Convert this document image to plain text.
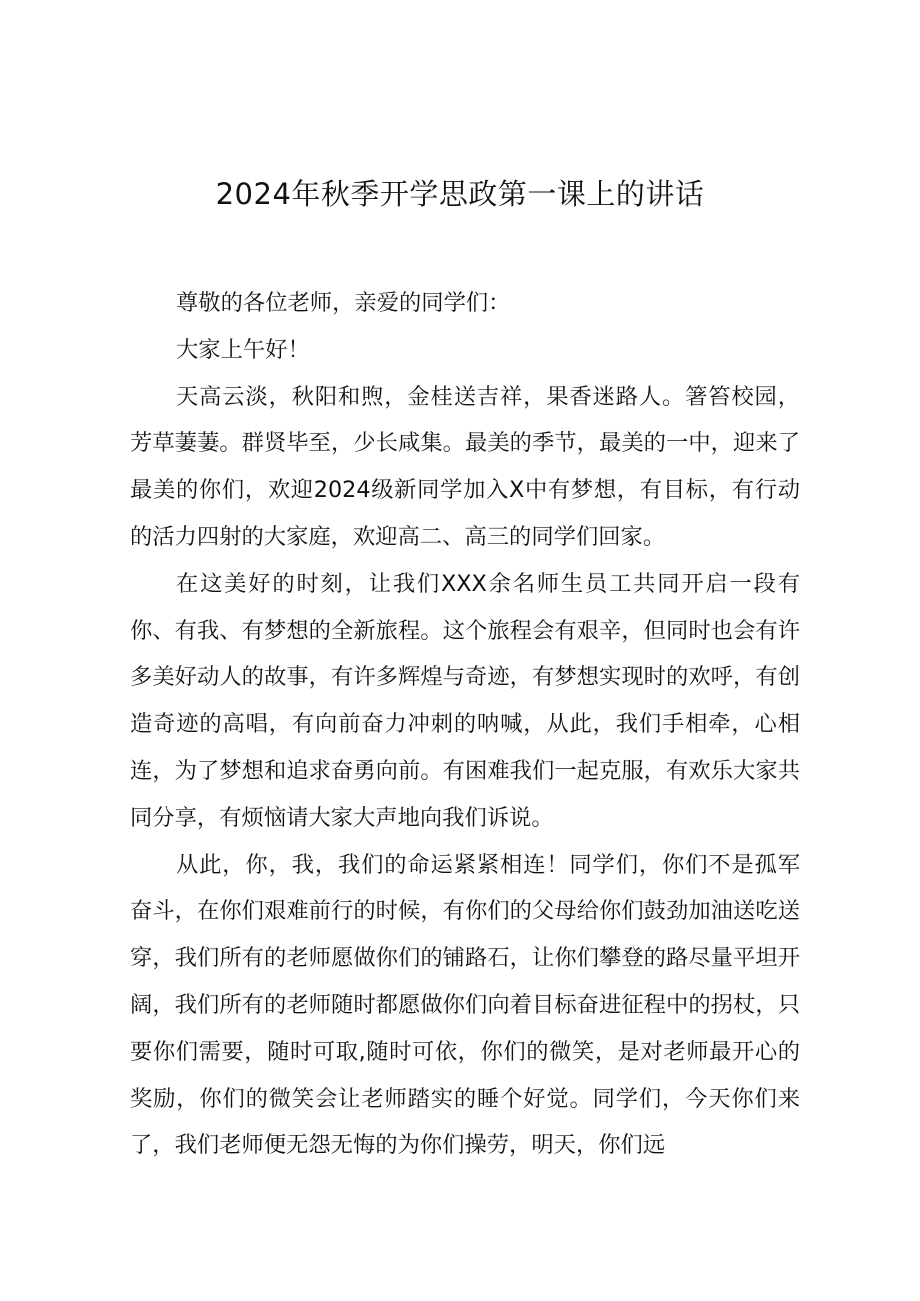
2024年秋季开学思政第一课上的讲话

尊敬的各位老师，亲爱的同学们：

大家上午好！

天高云淡，秋阳和煦，金桂送吉祥，果香迷路人。箸笞校园，芳草萋萋。群贤毕至，少长咸集。最美的季节，最美的一中，迎来了最美的你们，欢迎2024级新同学加入X中有梦想，有目标，有行动的活力四射的大家庭，欢迎高二、高三的同学们回家。

在这美好的时刻，让我们XXX余名师生员工共同开启一段有你、有我、有梦想的全新旅程。这个旅程会有艰辛，但同时也会有许多美好动人的故事，有许多辉煌与奇迹，有梦想实现时的欢呼，有创造奇迹的高唱，有向前奋力冲刺的呐喊，从此，我们手相牵，心相连，为了梦想和追求奋勇向前。有困难我们一起克服，有欢乐大家共同分享，有烦恼请大家大声地向我们诉说。

从此，你，我，我们的命运紧紧相连！同学们，你们不是孤军奋斗，在你们艰难前行的时候，有你们的父母给你们鼓劲加油送吃送穿，我们所有的老师愿做你们的铺路石，让你们攀登的路尽量平坦开阔，我们所有的老师随时都愿做你们向着目标奋进征程中的拐杖，只要你们需要，随时可取,随时可依，你们的微笑，是对老师最开心的奖励，你们的微笑会让老师踏实的睡个好觉。同学们，今天你们来了，我们老师便无怨无悔的为你们操劳，明天，你们远
